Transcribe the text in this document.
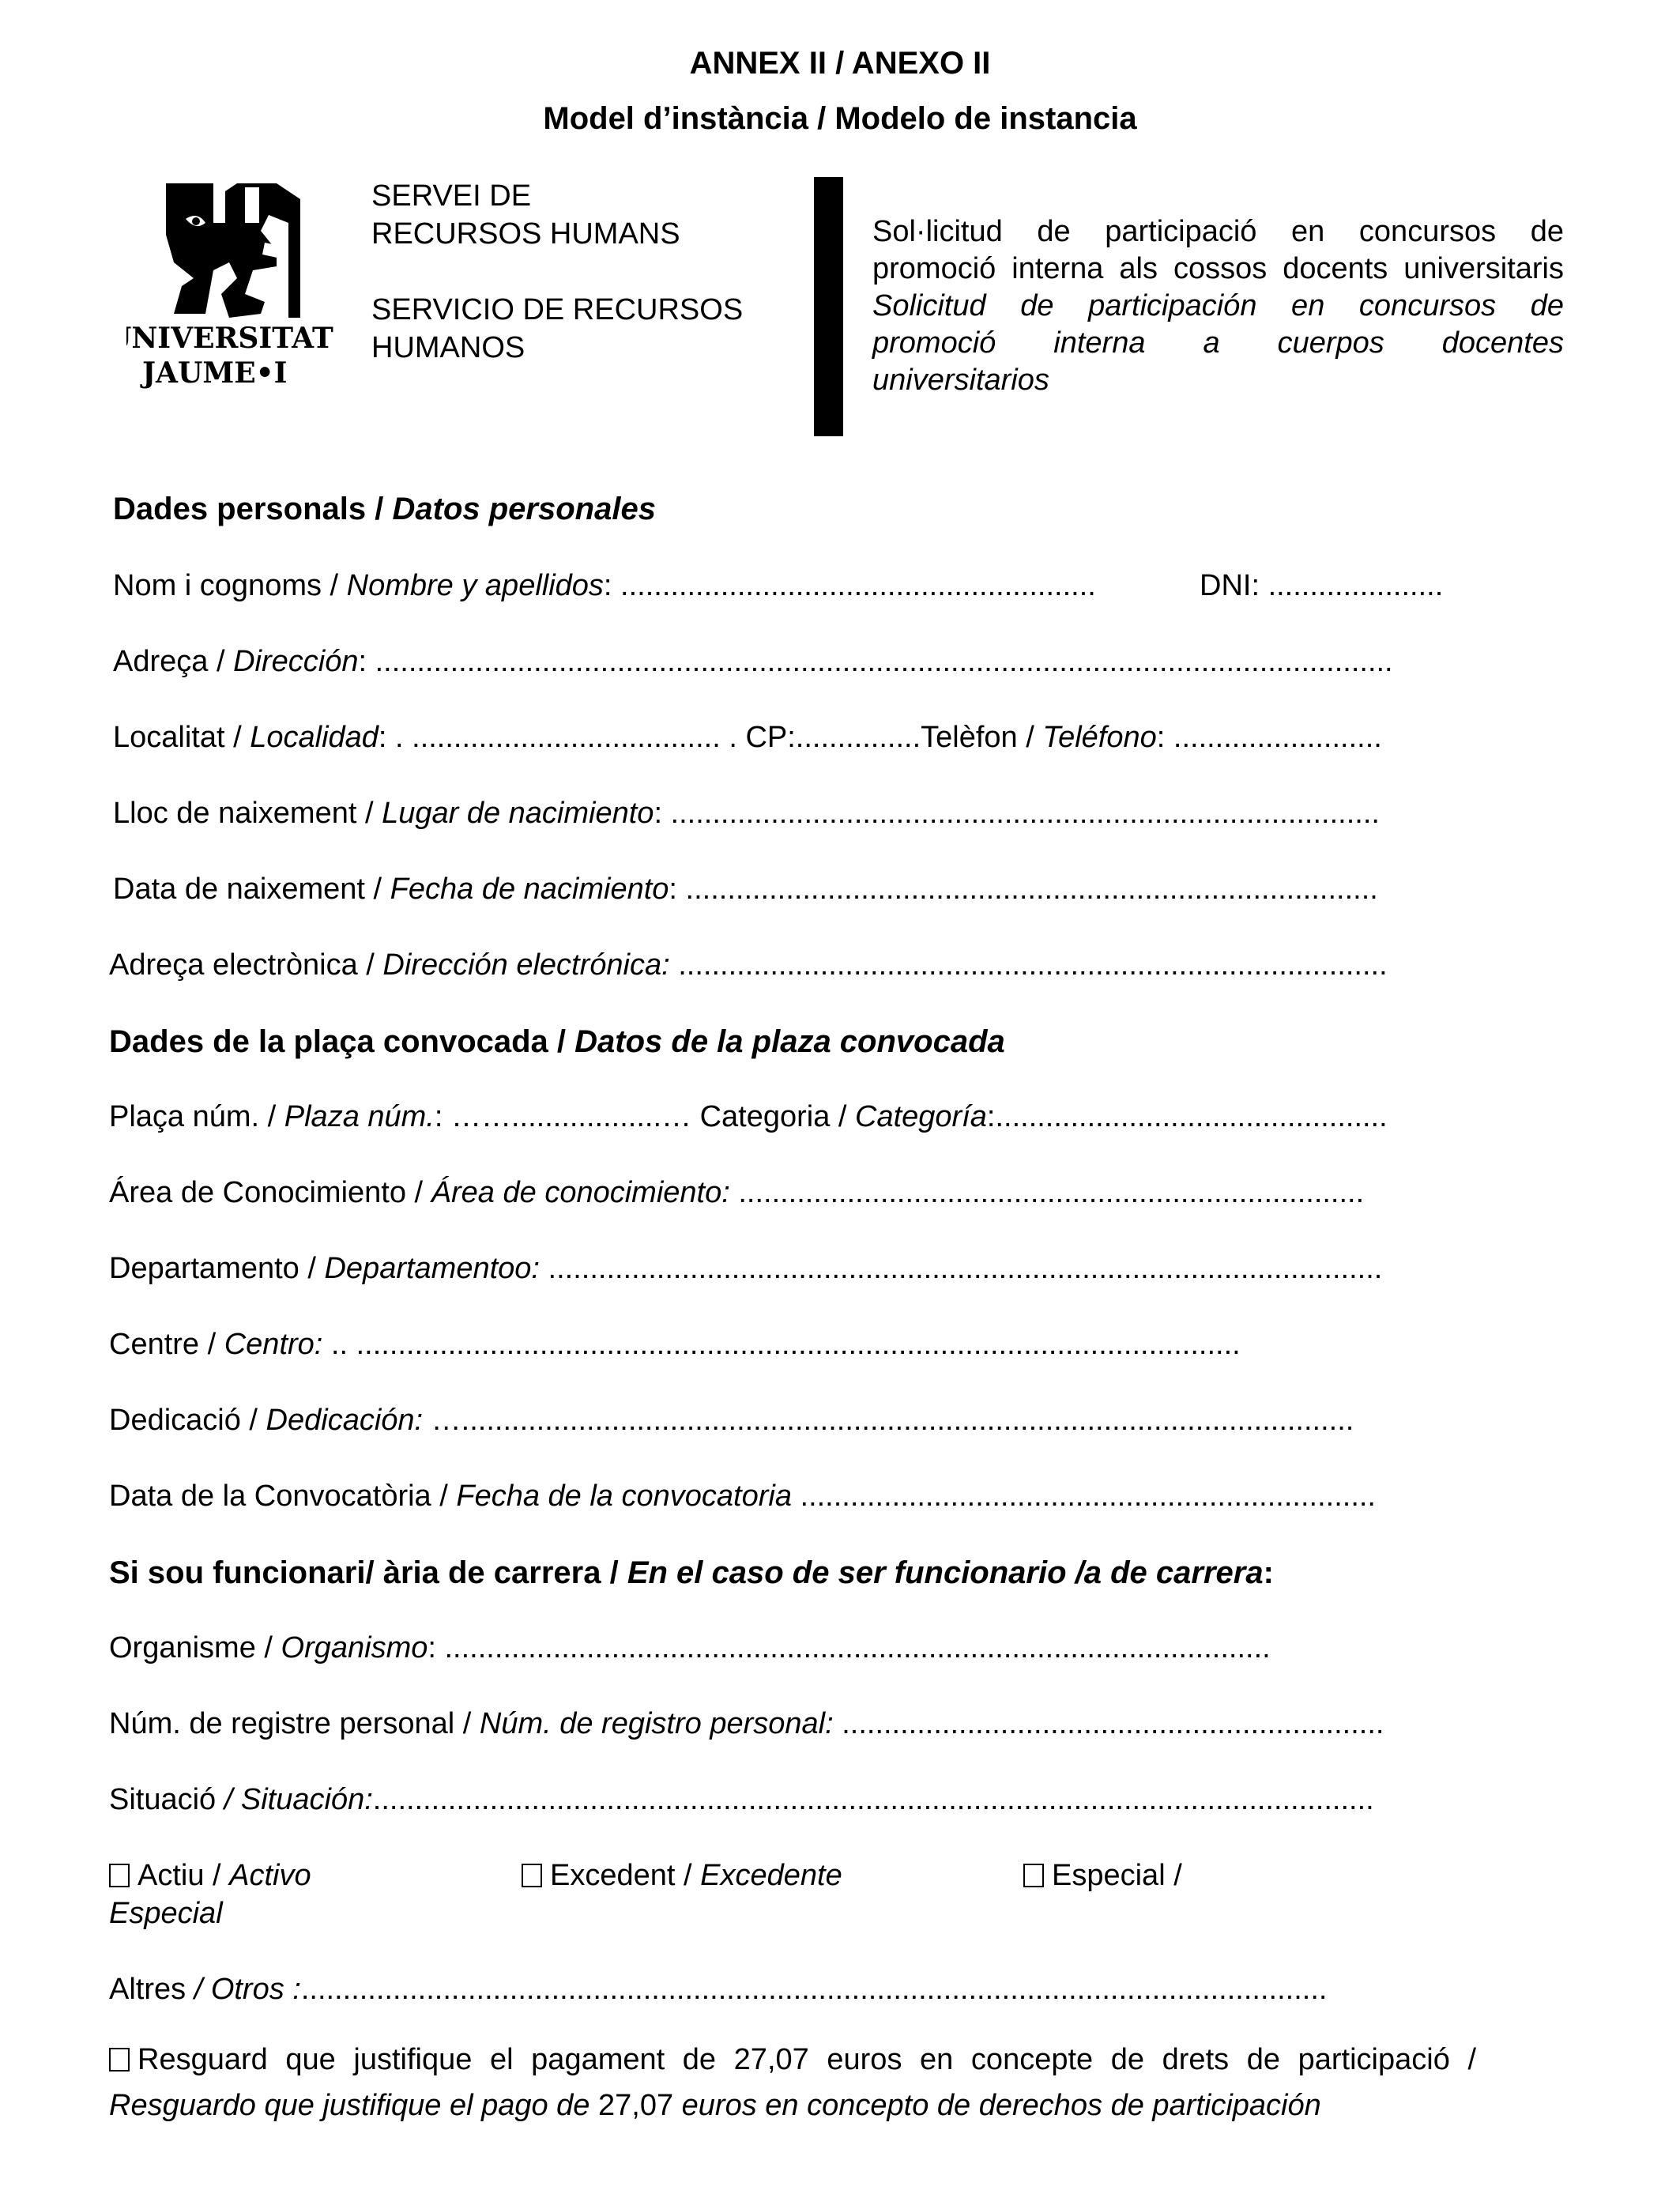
ANNEX II / ANEXO II
Model d’instància / Modelo de instancia
UNIVERSITAT
JAUME•I
SERVEI DE
RECURSOS HUMANS
SERVICIO DE RECURSOS
HUMANOS
Sol·licitud de participació en concursos de
promoció interna als cossos docents universitaris
Solicitud de participación en concursos de
promoció interna a cuerpos docentes
universitarios
Dades personals / Datos personales
Nom i cognoms / Nombre y apellidos: .........................................................	DNI: .....................
Adreça / Dirección: ..........................................................................................................................
Localitat / Localidad: . ..................................... . CP:...............Telèfon / Teléfono: .........................
Lloc de naixement / Lugar de nacimiento: .....................................................................................
Data de naixement / Fecha de nacimiento: ...................................................................................
Adreça electrònica / Dirección electrónica: .....................................................................................
Dades de la plaça convocada / Datos de la plaza convocada
Plaça núm. / Plaza núm.: ……..................… Categoria / Categoría:...............................................
Área de Conocimiento / Área de conocimiento: ...........................................................................
Departamento / Departamentoo: ....................................................................................................
Centre / Centro: .. ..........................................................................................................
Dedicació / Dedicación: …...........................................................................................................
Data de la Convocatòria / Fecha de la convocatoria .....................................................................
Si sou funcionari/ ària de carrera / En el caso de ser funcionario /a de carrera:
Organisme / Organismo: ...................................................................................................
Núm. de registre personal / Núm. de registro personal: .................................................................
Situació / Situación:........................................................................................................................
Actiu / Activo	Excedent / Excedente	Especial /
Especial
Altres / Otros :...........................................................................................................................
Resguard que justifique el pagament de 27,07 euros en concepte de drets de participació /
Resguardo que justifique el pago de 27,07 euros en concepto de derechos de participación
